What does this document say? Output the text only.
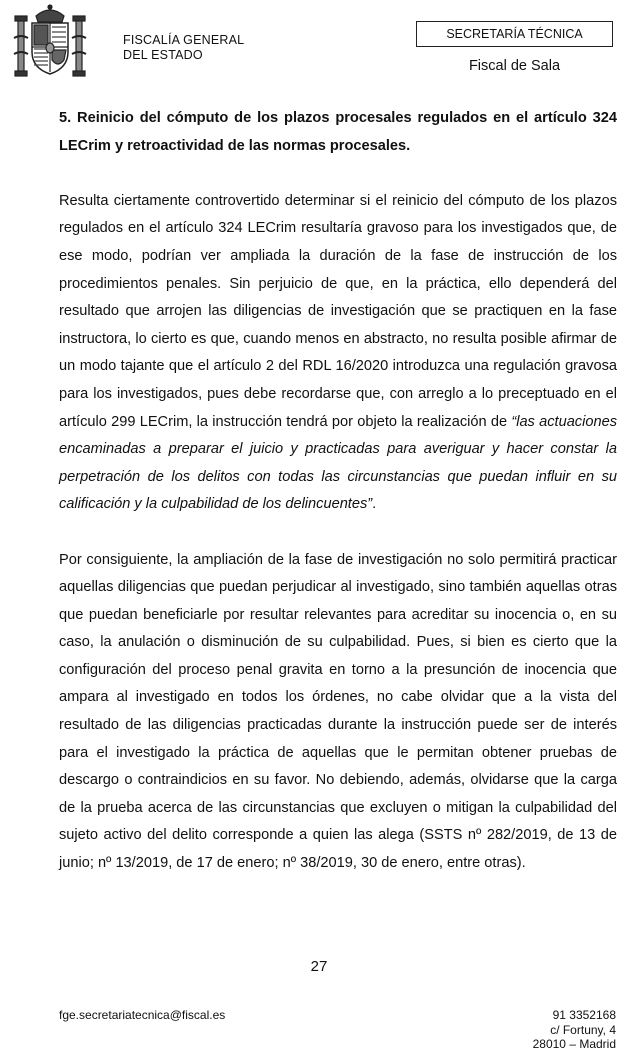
FISCALÍA GENERAL
DEL ESTADO
SECRETARÍA TÉCNICA
Fiscal de Sala
5. Reinicio del cómputo de los plazos procesales regulados en el artículo 324 LECrim y retroactividad de las normas procesales.

Resulta ciertamente controvertido determinar si el reinicio del cómputo de los plazos regulados en el artículo 324 LECrim resultaría gravoso para los investigados que, de ese modo, podrían ver ampliada la duración de la fase de instrucción de los procedimientos penales. Sin perjuicio de que, en la práctica, ello dependerá del resultado que arrojen las diligencias de investigación que se practiquen en la fase instructora, lo cierto es que, cuando menos en abstracto, no resulta posible afirmar de un modo tajante que el artículo 2 del RDL 16/2020 introduzca una regulación gravosa para los investigados, pues debe recordarse que, con arreglo a lo preceptuado en el artículo 299 LECrim, la instrucción tendrá por objeto la realización de “las actuaciones encaminadas a preparar el juicio y practicadas para averiguar y hacer constar la perpetración de los delitos con todas las circunstancias que puedan influir en su calificación y la culpabilidad de los delincuentes”.

Por consiguiente, la ampliación de la fase de investigación no solo permitirá practicar aquellas diligencias que puedan perjudicar al investigado, sino también aquellas otras que puedan beneficiarle por resultar relevantes para acreditar su inocencia o, en su caso, la anulación o disminución de su culpabilidad. Pues, si bien es cierto que la configuración del proceso penal gravita en torno a la presunción de inocencia que ampara al investigado en todos los órdenes, no cabe olvidar que a la vista del resultado de las diligencias practicadas durante la instrucción puede ser de interés para el investigado la práctica de aquellas que le permitan obtener pruebas de descargo o contraindicios en su favor. No debiendo, además, olvidarse que la carga de la prueba acerca de las circunstancias que excluyen o mitigan la culpabilidad del sujeto activo del delito corresponde a quien las alega (SSTS nº 282/2019, de 13 de junio; nº 13/2019, de 17 de enero; nº 38/2019, 30 de enero, entre otras).

27
fge.secretariatecnica@fiscal.es	91 3352168
c/ Fortuny, 4
28010 – Madrid
